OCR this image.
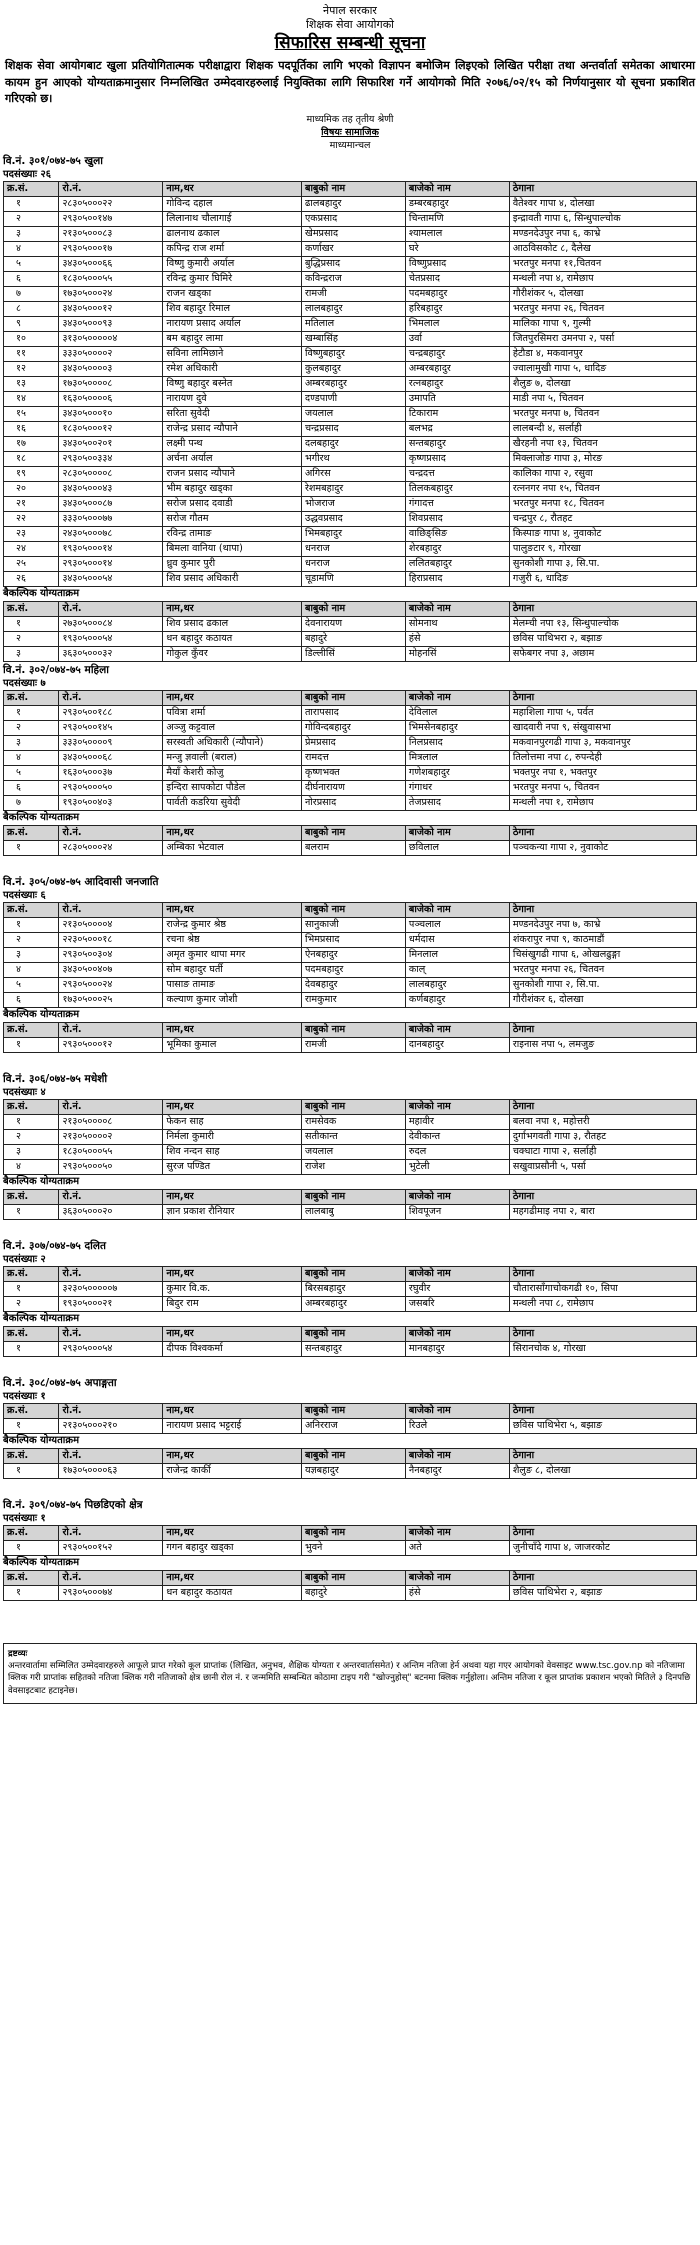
नेपाल सरकार
शिक्षक सेवा आयोगको
सिफारिस सम्बन्धी सूचना
शिक्षक सेवा आयोगबाट खुला प्रतियोगितात्मक परीक्षाद्वारा शिक्षक पदपूर्तिका लागि भएको विज्ञापन बमोजिम लिइएको लिखित परीक्षा तथा अन्तर्वार्ता समेतका आधारमा कायम हुन आएको योग्यताक्रमानुसार निम्नलिखित उम्मेदवारहरुलाई नियुक्तिका लागि सिफारिश गर्ने आयोगको मिति २०७६/०२/१५ को निर्णयानुसार यो सूचना प्रकाशित गरिएको छ।
माध्यमिक तह तृतीय श्रेणी
विषयः सामाजिक
माध्यमान्चल
वि.नं. ३०१/०७४-७५ खुला
पदसंख्याः २६
क्र.सं.	रो.नं.	नाम,थर	बाबुको नाम	बाजेको नाम	ठेगाना
१	२८३०५०००२२	गोविन्द दहाल	ढालबहादुर	डम्बरबहादुर	वैतेश्वर गापा ४, दोलखा
२	२९३०५००१४७	लिलानाथ चौलागाई	एकप्रसाद	चिन्तामणि	इन्द्रावती गापा ६, सिन्धुपाल्चोक
३	२१३०५०००८३	ढालनाथ ढकाल	खेमप्रसाद	श्यामलाल	मण्डनदेउपुर नपा ६, काभ्रे
४	२९३०५०००१७	कपिन्द्र राज शर्मा	कर्णाखर	घरे	आठविसकोट ८, दैलेख
५	३४३०५०००६६	विष्णु कुमारी अर्याल	बुद्धिप्रसाद	विष्णुप्रसाद	भरतपुर मनपा ११,चितवन
६	१८३०५०००५५	रविन्द्र कुमार घिमिरे	कविन्द्रराज	चेतप्रसाद	मन्थली नपा ४, रामेछाप
७	१७३०५०००२४	राजन खड्का	रामजी	पदमबहादुर	गौरीशंकर ५, दोलखा
८	३४३०५०००१२	शिव बहादुर रिमाल	लालबहादुर	हरिबहादुर	भरतपुर मनपा २६, चितवन
९	३४३०५०००९३	नारायण प्रसाद अर्याल	मतिलाल	भिमलाल	मालिका गापा ९, गुल्मी
१०	३१३०५०००००४	बम बहादुर लामा	खम्बासिंह	उर्वा	जितपुरसिमरा उमनपा २, पर्सा
११	३३३०५००००२	सविना लामिछाने	विष्णुबहादुर	चन्द्रबहादुर	हेटौडा ४, मकवानपुर
१२	३४३०५००००३	रमेश अधिकारी	कुलबहादुर	अम्बरबहादुर	ज्वालामुखी गापा ५, धादिङ
१३	१७३०५००००८	विष्णु बहादुर बस्नेत	अम्बरबहादुर	रत्नबहादुर	शैलुङ ७, दोलखा
१४	१६३०५००००६	नारायण दुवे	दण्डपाणी	उमापति	माडी नपा ५, चितवन
१५	३४३०५०००१०	सरिता सुवेदी	जयलाल	टिकाराम	भरतपुर मनपा ७, चितवन
१६	१८३०५०००१२	राजेन्द्र प्रसाद न्यौपाने	चन्द्रप्रसाद	बलभद्र	लालबन्दी ४, सर्लाही
१७	३४३०५००२०१	लक्ष्मी पन्थ	दलबहादुर	सन्तबहादुर	खैरहनी नपा १३, चितवन
१८	२९३०५००३३४	अर्चना अर्याल	भगीरथ	कृष्णप्रसाद	मिक्लाजोङ गापा ३, मोरङ
१९	२८३०५००००८	राजन प्रसाद न्यौपाने	अगिरस	चन्द्रदत्त	कालिका गापा २, रसुवा
२०	३४३०५०००४३	भीम बहादुर खड्का	रेशमबहादुर	तिलकबहादुर	रत्ननगर नपा १५, चितवन
२१	३४३०५०००८७	सरोज प्रसाद दवाडी	भोजराज	गंगादत्त	भरतपुर मनपा १८, चितवन
२२	३३३०५०००७७	सरोज गौतम	उद्धवप्रसाद	शिवप्रसाद	चन्द्रपुर ८, रौतहट
२३	२४३०५०००७८	रविन्द्र तामाङ	भिमबहादुर	वाछिङ्सिङ	किस्पाङ गापा ४, नुवाकोट
२४	१९३०५०००१४	बिमला वानिया (थापा)	धनराज	शेरबहादुर	पालुङटार ९, गोरखा
२५	२९३०५०००१४	ध्रुव कुमार पुरी	धनराज	ललितबहादुर	सुनकोशी गापा ३, सि.पा.
२६	३४३०५०००५४	शिव प्रसाद अधिकारी	चूडामणि	हिराप्रसाद	गजुरी ६, धादिङ
बैकल्पिक योग्यताक्रम
क्र.सं.	रो.नं.	नाम,थर	बाबुको नाम	बाजेको नाम	ठेगाना
१	२७३०५०००८४	शिव प्रसाद ढकाल	देवनारायण	सोमनाथ	मेलम्ची नपा १३, सिन्धुपाल्चोक
२	१९३०५०००५४	धन बहादुर कठायत	बहादुरे	हंसे	छविस पाथिभरा २, बझाङ
३	३६३०५०००३२	गोकुल कुँवर	डिल्लीसिं	मोहनसिं	सफेबगर नपा ३, अछाम
वि.नं. ३०२/०७४-७५ महिला
पदसंख्याः ७
क्र.सं.	रो.नं.	नाम,थर	बाबुको नाम	बाजेको नाम	ठेगाना
१	२९३०५००१८८	पवित्रा शर्मा	तारापसाद	देविलाल	महाशिला गापा ५, पर्वत
२	२९३०५००१४५	अञ्जु कट्टवाल	गोविन्दबहादुर	भिमसेनबहादुर	खादवारी नपा ९, संखुवासभा
३	३३३०५००००९	सरस्वती अधिकारी (न्यौपाने)	प्रेमप्रसाद	निलप्रसाद	मकवानपुरगढी गापा ३, मकवानपुर
४	३४३०५०००६८	मन्जु ज्ञवाली (बराल)	रामदत्त	मित्रलाल	तिलोत्तमा नपा ८, रुपन्देही
५	१६३०५०००३७	मैयाँ केशरी कोजु	कृष्णभक्त	गणेशबहादुर	भक्तपुर नपा १, भक्तपुर
६	२९३०५०००५०	इन्दिरा सापकोटा पौडेल	दीर्घनारायण	गंगाधर	भरतपुर मनपा ५, चितवन
७	१९३०५००४०३	पार्वती कडरिया सुवेदी	नोरप्रसाद	तेजप्रसाद	मन्थली नपा १, रामेछाप
बैकल्पिक योग्यताक्रम
क्र.सं.	रो.नं.	नाम,थर	बाबुको नाम	बाजेको नाम	ठेगाना
१	२८३०५०००२४	अम्बिका भेटवाल	बलराम	छविलाल	पञ्चकन्या गापा २, नुवाकोट
वि.नं. ३०५/०७४-७५ आदिवासी जनजाति
पदसंख्याः ६
क्र.सं.	रो.नं.	नाम,थर	बाबुको नाम	बाजेको नाम	ठेगाना
१	२१३०५००००४	राजेन्द्र कुमार श्रेष्ठ	सानुकाजी	पञ्चलाल	मण्डनदेउपुर नपा ७, काभ्रे
२	२२३०५०००१८	रचना श्रेष्ठ	भिमप्रसाद	धर्मदास	शंकरापुर नपा ९, काठमाडौं
३	२९३०५००३०४	अमृत कुमार थापा मगर	ऐनबहादुर	मिनलाल	चिसंखुगढी गापा ६, ओखलढुङ्गा
४	३४३०५००४०७	सोम बहादुर घर्ती	पदमबहादुर	काल्	भरतपुर मनपा २६, चितवन
५	२९३०५०००२४	पासाङ तामाङ	देवबहादुर	लालबहादुर	सुनकोशी गापा २, सि.पा.
६	१७३०५०००२५	कल्याण कुमार जोशी	रामकुमार	कर्णबहादुर	गौरीशंकर ६, दोलखा
बैकल्पिक योग्यताक्रम
क्र.सं.	रो.नं.	नाम,थर	बाबुको नाम	बाजेको नाम	ठेगाना
१	२९३०५०००१२	भूमिका कुमाल	रामजी	दानबहादुर	राइनास नपा ५, लमजुङ
वि.नं. ३०६/०७४-७५ मधेशी
पदसंख्याः ४
क्र.सं.	रो.नं.	नाम,थर	बाबुको नाम	बाजेको नाम	ठेगाना
१	२१३०५००००८	फेकन साह	रामसेवक	महावीर	बलवा नपा १, महोत्तरी
२	२१३०५००००२	निर्मला कुमारी	सतीकान्त	देवीकान्त	दुर्गाभगवती गापा ३, रौतहट
३	१८३०५०००५५	शिव नन्दन साह	जयलाल	रुदल	चक्घाटा गापा २, सर्लाही
४	२९३०५०००५०	सुरज पण्डित	राजेश	भुटेली	सखुवाप्रसौनी ५, पर्सा
बैकल्पिक योग्यताक्रम
क्र.सं.	रो.नं.	नाम,थर	बाबुको नाम	बाजेको नाम	ठेगाना
१	३६३०५०००२०	ज्ञान प्रकाश रौनियार	लालबाबु	शिवपूजन	महगढीमाइ नपा २, बारा
वि.नं. ३०७/०७४-७५ दलित
पदसंख्याः २
क्र.सं.	रो.नं.	नाम,थर	बाबुको नाम	बाजेको नाम	ठेगाना
१	३२३०५०००००७	कुमार वि.क.	बिरसबहादुर	रघुवीर	चौतारासाँगाचोकगढी १०, सिपा
२	१९३०५०००२१	बिदुर राम	अम्बरबहादुर	जसबरि	मन्थली नपा ८, रामेछाप
बैकल्पिक योग्यताक्रम
क्र.सं.	रो.नं.	नाम,थर	बाबुको नाम	बाजेको नाम	ठेगाना
१	२९३०५०००५४	दीपक विश्वकर्मा	सन्तबहादुर	मानबहादुर	सिरानचोक ४, गोरखा
वि.नं. ३०८/०७४-७५ अपाङ्गता
पदसंख्याः १
क्र.सं.	रो.नं.	नाम,थर	बाबुको नाम	बाजेको नाम	ठेगाना
१	२१३०५०००२१०	नारायण प्रसाद भट्टराई	अनिरराज	रिउले	छविस पाथिभेरा ५, बझाङ
बैकल्पिक योग्यताक्रम
क्र.सं.	रो.नं.	नाम,थर	बाबुको नाम	बाजेको नाम	ठेगाना
१	१७३०५००००६३	राजेन्द्र कार्की	यज्ञबहादुर	नैनबहादुर	शैलुङ ८, दोलखा
वि.नं. ३०९/०७४-७५ पिछडिएको क्षेत्र
पदसंख्याः १
क्र.सं.	रो.नं.	नाम,थर	बाबुको नाम	बाजेको नाम	ठेगाना
१	२९३०५००१५२	गगन बहादुर खड्का	भुवने	अते	जुनीचाँदे गापा ४, जाजरकोट
बैकल्पिक योग्यताक्रम
क्र.सं.	रो.नं.	नाम,थर	बाबुको नाम	बाजेको नाम	ठेगाना
१	२९३०५०००७४	धन बहादुर कठायत	बहादुरे	हंसे	छविस पाथिभेरा २, बझाङ
द्रष्टव्यः
अन्तरवार्तामा सम्मिलित उम्मेदवारहरुले आफूले प्राप्त गरेको कूल प्राप्तांक (लिखित, अनुभव, शैक्षिक योग्यता र अन्तरवार्तासमेत) र अन्तिम नतिजा हेर्न अथवा यहा गएर आयोगको वेवसाइट www.tsc.gov.np को नतिजामा क्लिक गरी प्राप्तांक सहितको नतिजा क्लिक गरी नतिजाको क्षेत्र छानी रोल नं. र जन्ममिति सम्बन्धित कोठामा टाइप गरी "खोज्नुहोस्" बटनमा क्लिक गर्नुहोला। अन्तिम नतिजा र कूल प्राप्तांक प्रकाशन भएको मितिले ३ दिनपछि वेवसाइटबाट हटाइनेछ।
